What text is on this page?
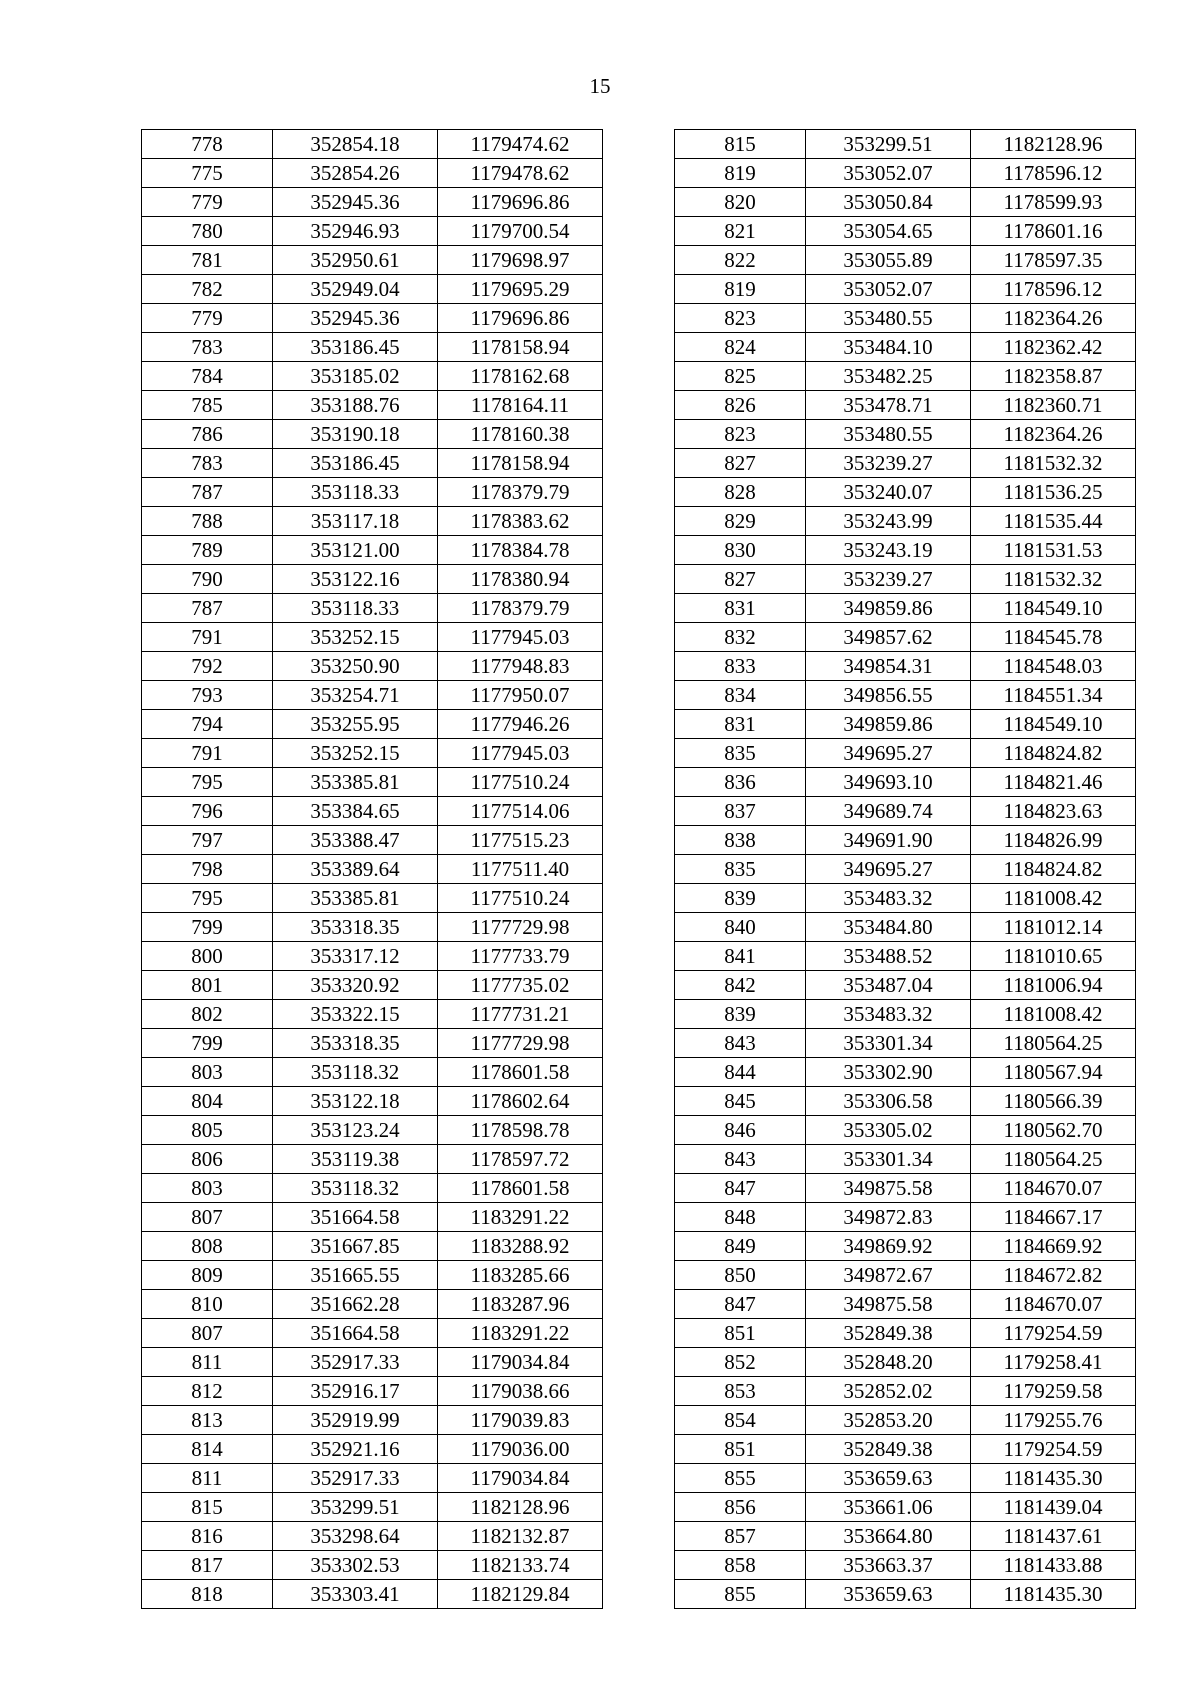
15
778	352854.18	1179474.62
775	352854.26	1179478.62
779	352945.36	1179696.86
780	352946.93	1179700.54
781	352950.61	1179698.97
782	352949.04	1179695.29
779	352945.36	1179696.86
783	353186.45	1178158.94
784	353185.02	1178162.68
785	353188.76	1178164.11
786	353190.18	1178160.38
783	353186.45	1178158.94
787	353118.33	1178379.79
788	353117.18	1178383.62
789	353121.00	1178384.78
790	353122.16	1178380.94
787	353118.33	1178379.79
791	353252.15	1177945.03
792	353250.90	1177948.83
793	353254.71	1177950.07
794	353255.95	1177946.26
791	353252.15	1177945.03
795	353385.81	1177510.24
796	353384.65	1177514.06
797	353388.47	1177515.23
798	353389.64	1177511.40
795	353385.81	1177510.24
799	353318.35	1177729.98
800	353317.12	1177733.79
801	353320.92	1177735.02
802	353322.15	1177731.21
799	353318.35	1177729.98
803	353118.32	1178601.58
804	353122.18	1178602.64
805	353123.24	1178598.78
806	353119.38	1178597.72
803	353118.32	1178601.58
807	351664.58	1183291.22
808	351667.85	1183288.92
809	351665.55	1183285.66
810	351662.28	1183287.96
807	351664.58	1183291.22
811	352917.33	1179034.84
812	352916.17	1179038.66
813	352919.99	1179039.83
814	352921.16	1179036.00
811	352917.33	1179034.84
815	353299.51	1182128.96
816	353298.64	1182132.87
817	353302.53	1182133.74
818	353303.41	1182129.84
815	353299.51	1182128.96
819	353052.07	1178596.12
820	353050.84	1178599.93
821	353054.65	1178601.16
822	353055.89	1178597.35
819	353052.07	1178596.12
823	353480.55	1182364.26
824	353484.10	1182362.42
825	353482.25	1182358.87
826	353478.71	1182360.71
823	353480.55	1182364.26
827	353239.27	1181532.32
828	353240.07	1181536.25
829	353243.99	1181535.44
830	353243.19	1181531.53
827	353239.27	1181532.32
831	349859.86	1184549.10
832	349857.62	1184545.78
833	349854.31	1184548.03
834	349856.55	1184551.34
831	349859.86	1184549.10
835	349695.27	1184824.82
836	349693.10	1184821.46
837	349689.74	1184823.63
838	349691.90	1184826.99
835	349695.27	1184824.82
839	353483.32	1181008.42
840	353484.80	1181012.14
841	353488.52	1181010.65
842	353487.04	1181006.94
839	353483.32	1181008.42
843	353301.34	1180564.25
844	353302.90	1180567.94
845	353306.58	1180566.39
846	353305.02	1180562.70
843	353301.34	1180564.25
847	349875.58	1184670.07
848	349872.83	1184667.17
849	349869.92	1184669.92
850	349872.67	1184672.82
847	349875.58	1184670.07
851	352849.38	1179254.59
852	352848.20	1179258.41
853	352852.02	1179259.58
854	352853.20	1179255.76
851	352849.38	1179254.59
855	353659.63	1181435.30
856	353661.06	1181439.04
857	353664.80	1181437.61
858	353663.37	1181433.88
855	353659.63	1181435.30
